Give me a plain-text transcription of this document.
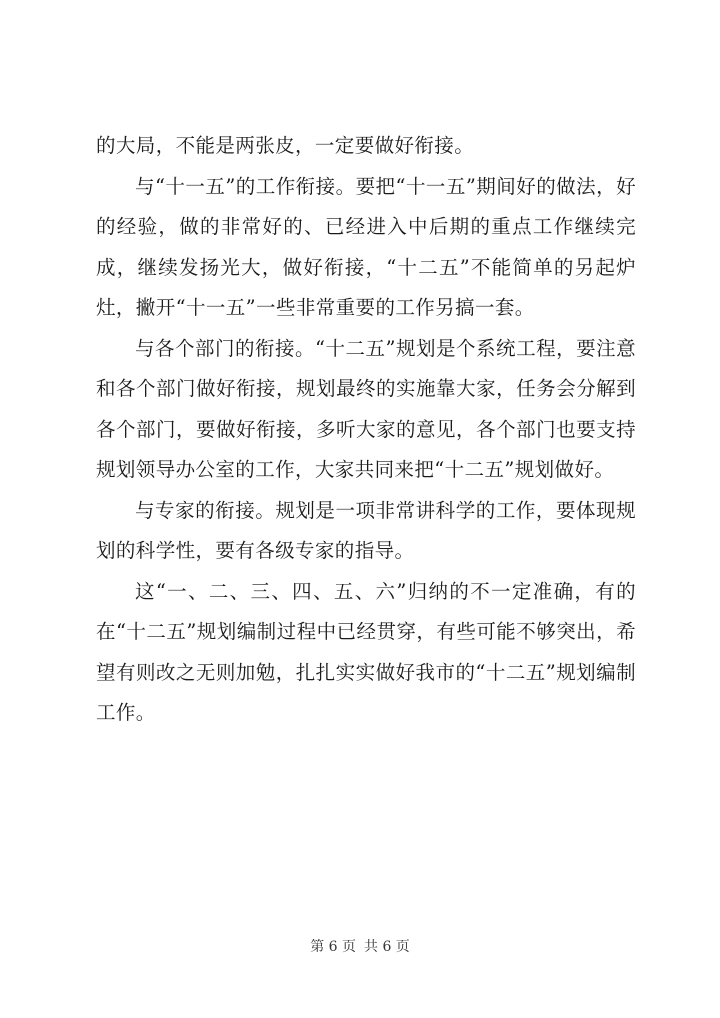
的大局，不能是两张皮，一定要做好衔接。

与“十一五”的工作衔接。要把“十一五”期间好的做法，好的经验，做的非常好的、已经进入中后期的重点工作继续完成，继续发扬光大，做好衔接，“十二五”不能简单的另起炉灶，撇开“十一五”一些非常重要的工作另搞一套。

与各个部门的衔接。“十二五”规划是个系统工程，要注意和各个部门做好衔接，规划最终的实施靠大家，任务会分解到各个部门，要做好衔接，多听大家的意见，各个部门也要支持规划领导办公室的工作，大家共同来把“十二五”规划做好。

与专家的衔接。规划是一项非常讲科学的工作，要体现规划的科学性，要有各级专家的指导。

这“一、二、三、四、五、六”归纳的不一定准确，有的在“十二五”规划编制过程中已经贯穿，有些可能不够突出，希望有则改之无则加勉，扎扎实实做好我市的“十二五”规划编制工作。

第 6 页 共 6 页
